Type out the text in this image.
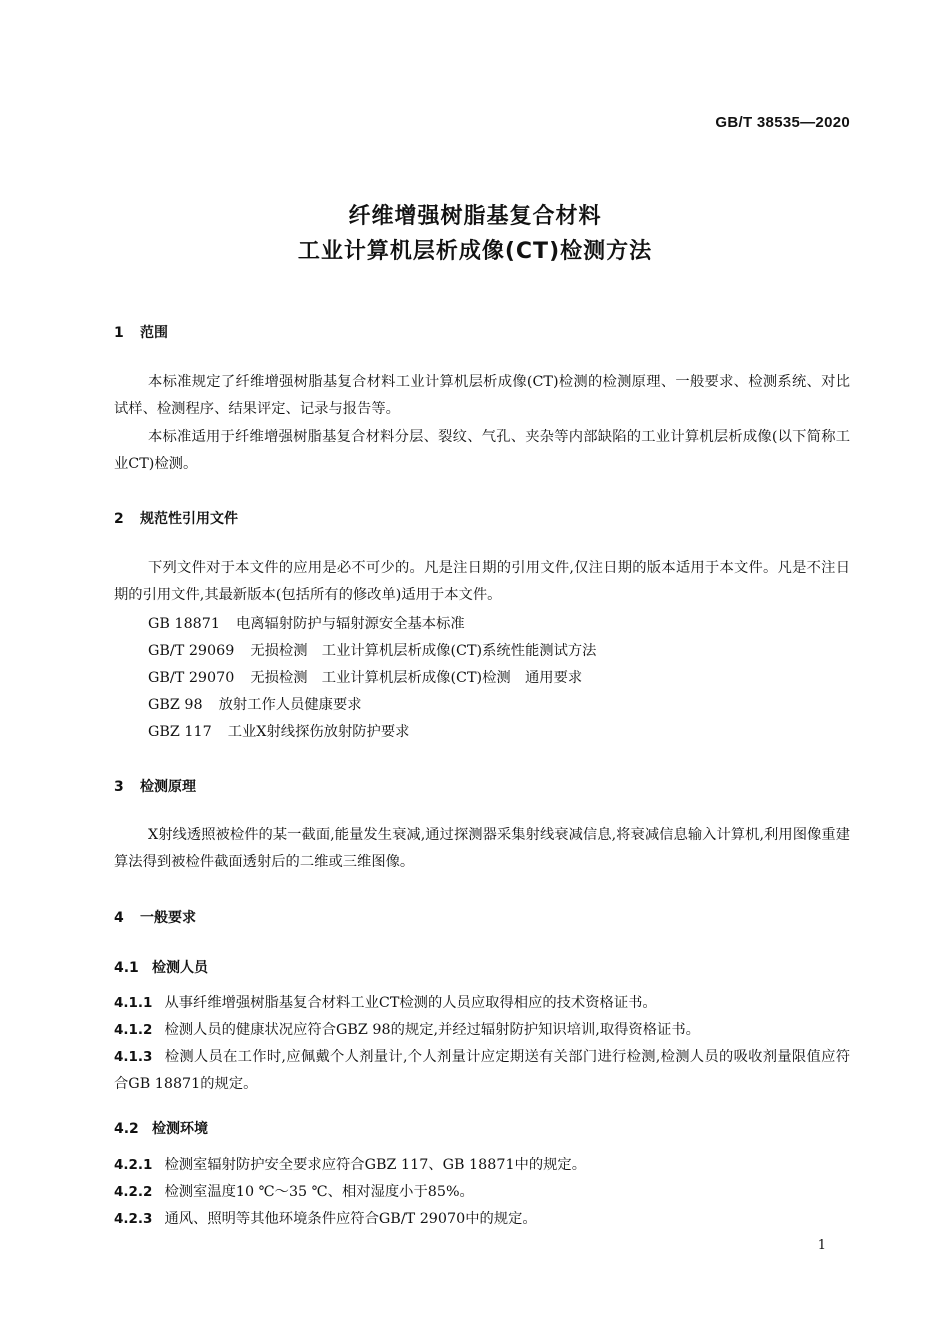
GB/T 38535—2020
纤维增强树脂基复合材料
工业计算机层析成像(CT)检测方法
1 范围
本标准规定了纤维增强树脂基复合材料工业计算机层析成像(CT)检测的检测原理、一般要求、检测系统、对比试样、检测程序、结果评定、记录与报告等。
本标准适用于纤维增强树脂基复合材料分层、裂纹、气孔、夹杂等内部缺陷的工业计算机层析成像(以下简称工业CT)检测。
2 规范性引用文件
下列文件对于本文件的应用是必不可少的。凡是注日期的引用文件,仅注日期的版本适用于本文件。凡是不注日期的引用文件,其最新版本(包括所有的修改单)适用于本文件。
GB 18871 电离辐射防护与辐射源安全基本标准
GB/T 29069 无损检测　工业计算机层析成像(CT)系统性能测试方法
GB/T 29070 无损检测　工业计算机层析成像(CT)检测　通用要求
GBZ 98 放射工作人员健康要求
GBZ 117 工业X射线探伤放射防护要求
3 检测原理
X射线透照被检件的某一截面,能量发生衰减,通过探测器采集射线衰减信息,将衰减信息输入计算机,利用图像重建算法得到被检件截面透射后的二维或三维图像。
4 一般要求
4.1 检测人员
4.1.1 从事纤维增强树脂基复合材料工业CT检测的人员应取得相应的技术资格证书。
4.1.2 检测人员的健康状况应符合GBZ 98的规定,并经过辐射防护知识培训,取得资格证书。
4.1.3 检测人员在工作时,应佩戴个人剂量计,个人剂量计应定期送有关部门进行检测,检测人员的吸收剂量限值应符合GB 18871的规定。
4.2 检测环境
4.2.1 检测室辐射防护安全要求应符合GBZ 117、GB 18871中的规定。
4.2.2 检测室温度10 ℃～35 ℃、相对湿度小于85%。
4.2.3 通风、照明等其他环境条件应符合GB/T 29070中的规定。
1
